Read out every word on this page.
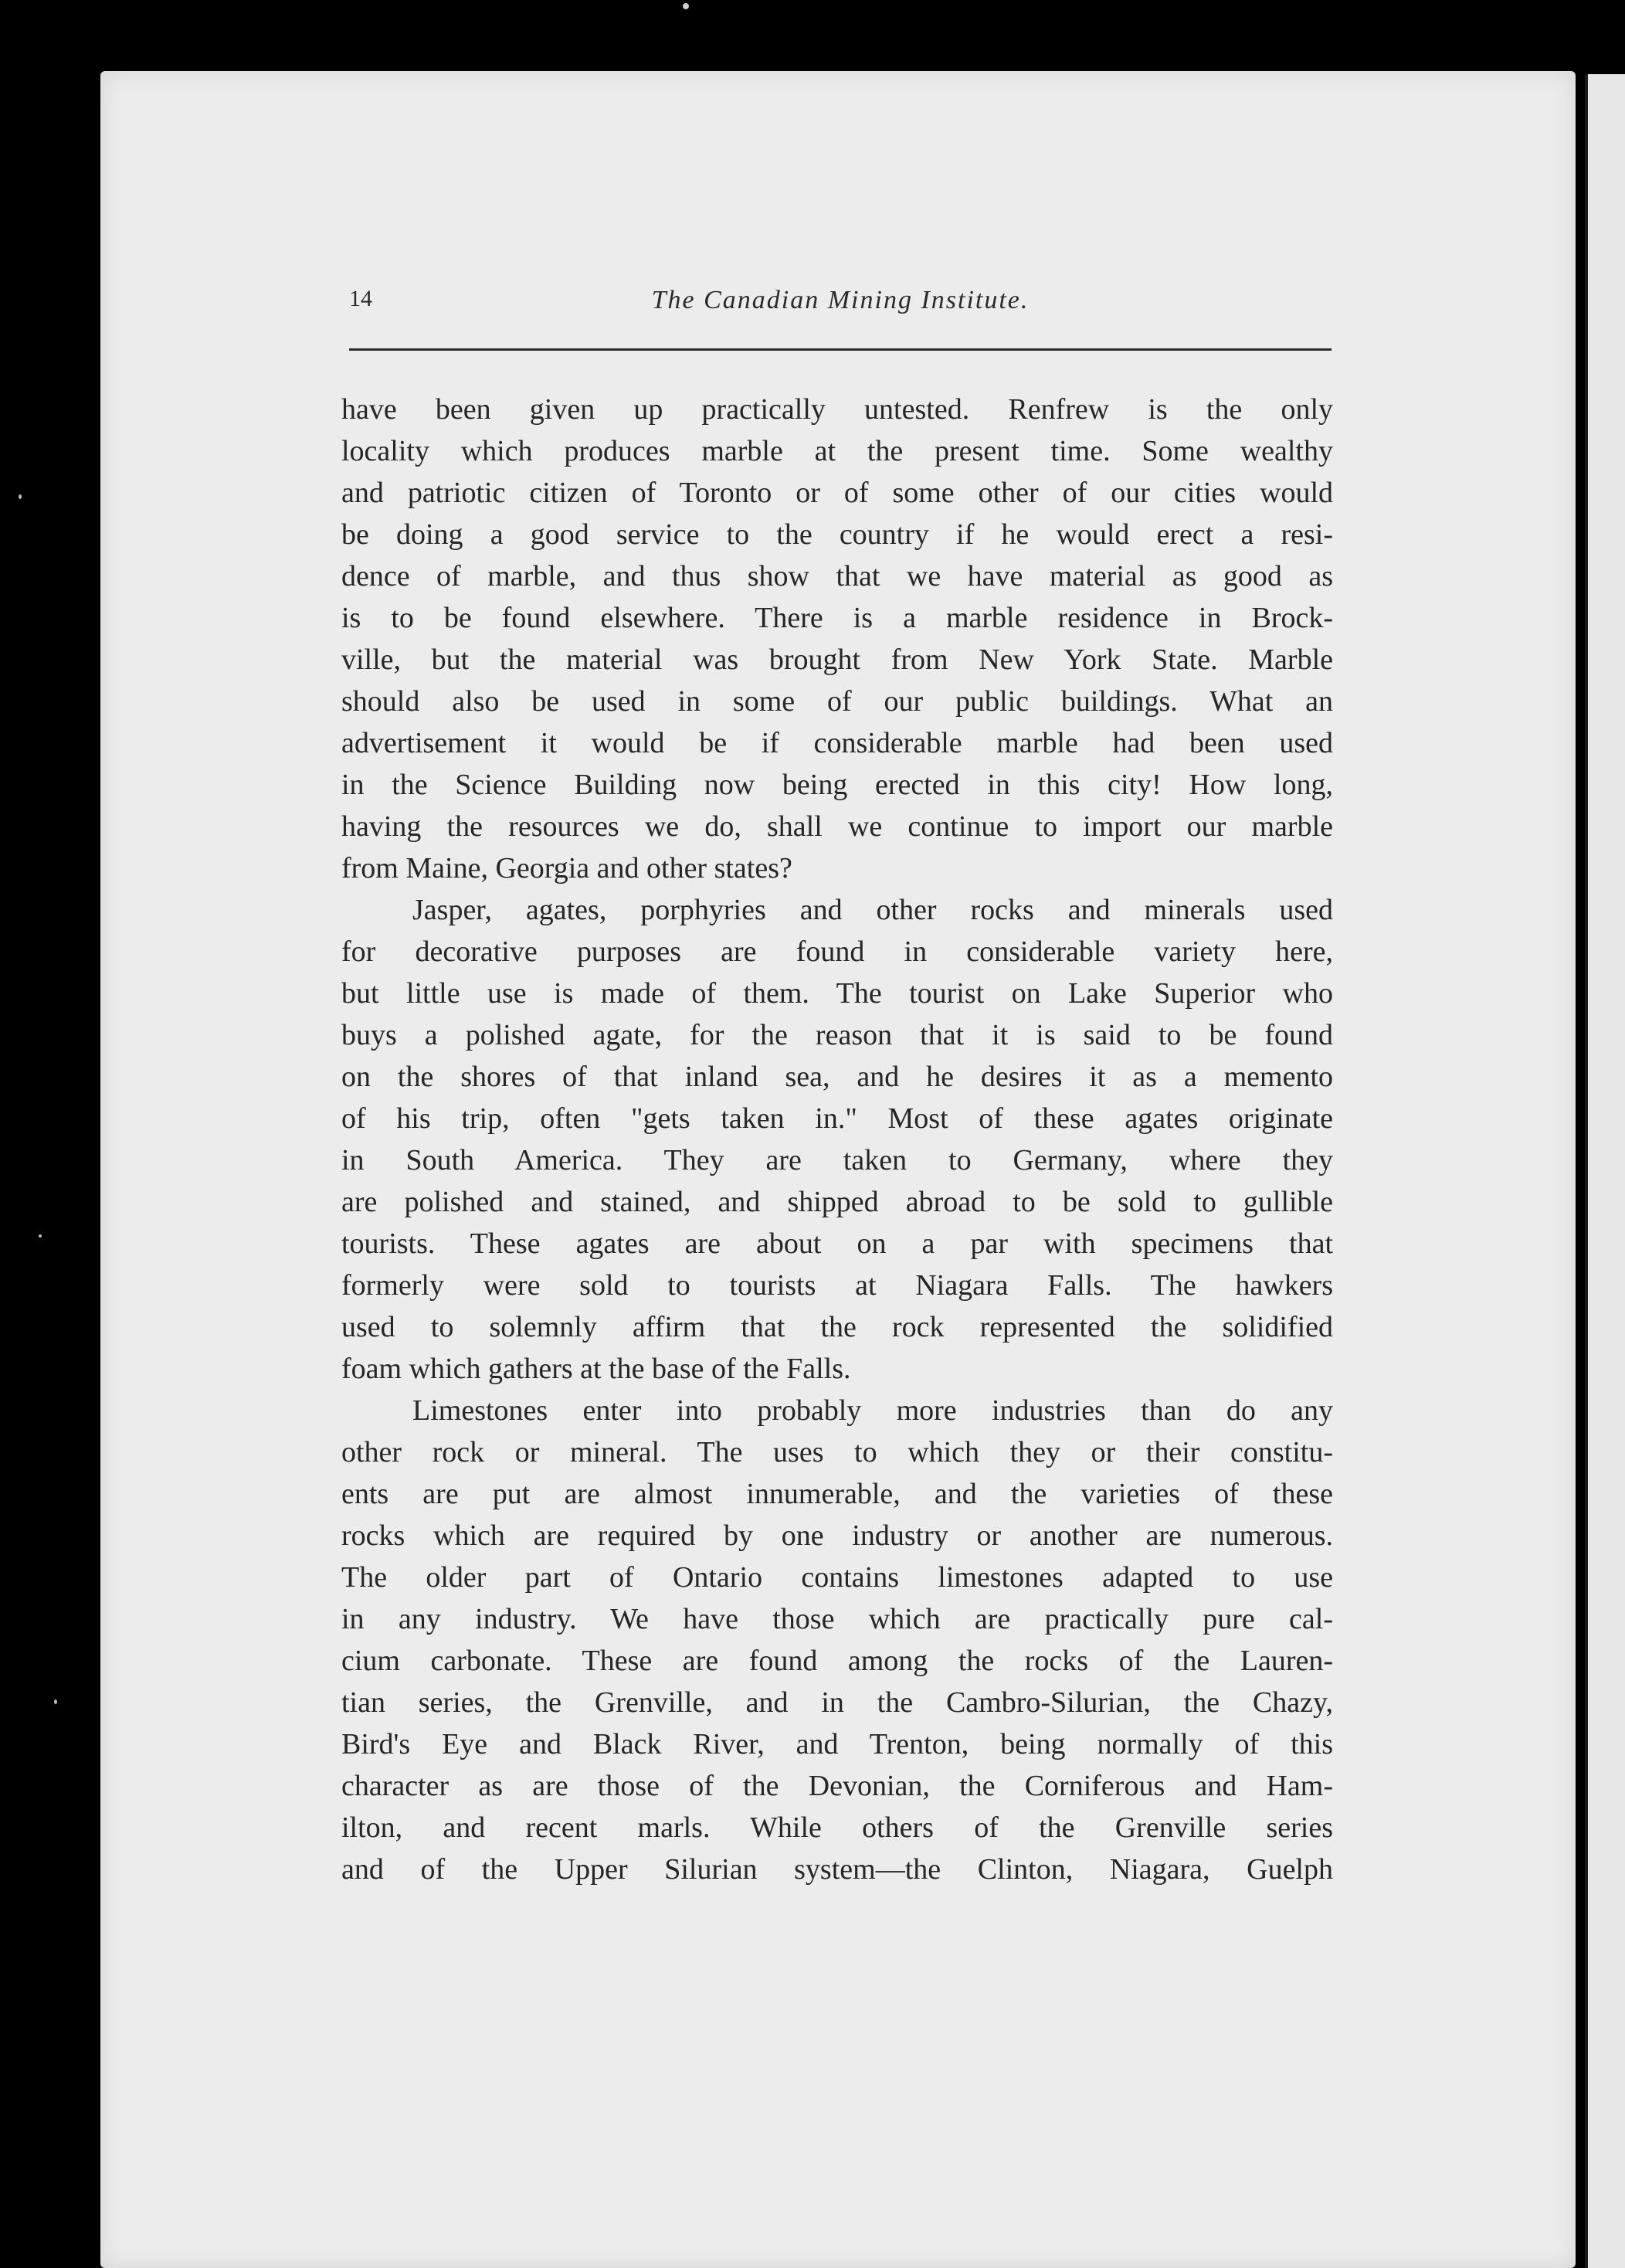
14	The Canadian Mining Institute.
have been given up practically untested. Renfrew is the only
locality which produces marble at the present time. Some wealthy
and patriotic citizen of Toronto or of some other of our cities would
be doing a good service to the country if he would erect a resi-
dence of marble, and thus show that we have material as good as
is to be found elsewhere. There is a marble residence in Brock-
ville, but the material was brought from New York State. Marble
should also be used in some of our public buildings. What an
advertisement it would be if considerable marble had been used
in the Science Building now being erected in this city! How long,
having the resources we do, shall we continue to import our marble
from Maine, Georgia and other states?
Jasper, agates, porphyries and other rocks and minerals used
for decorative purposes are found in considerable variety here,
but little use is made of them. The tourist on Lake Superior who
buys a polished agate, for the reason that it is said to be found
on the shores of that inland sea, and he desires it as a memento
of his trip, often "gets taken in." Most of these agates originate
in South America. They are taken to Germany, where they
are polished and stained, and shipped abroad to be sold to gullible
tourists. These agates are about on a par with specimens that
formerly were sold to tourists at Niagara Falls. The hawkers
used to solemnly affirm that the rock represented the solidified
foam which gathers at the base of the Falls.
Limestones enter into probably more industries than do any
other rock or mineral. The uses to which they or their constitu-
ents are put are almost innumerable, and the varieties of these
rocks which are required by one industry or another are numerous.
The older part of Ontario contains limestones adapted to use
in any industry. We have those which are practically pure cal-
cium carbonate. These are found among the rocks of the Lauren-
tian series, the Grenville, and in the Cambro-Silurian, the Chazy,
Bird's Eye and Black River, and Trenton, being normally of this
character as are those of the Devonian, the Corniferous and Ham-
ilton, and recent marls. While others of the Grenville series
and of the Upper Silurian system—the Clinton, Niagara, Guelph
